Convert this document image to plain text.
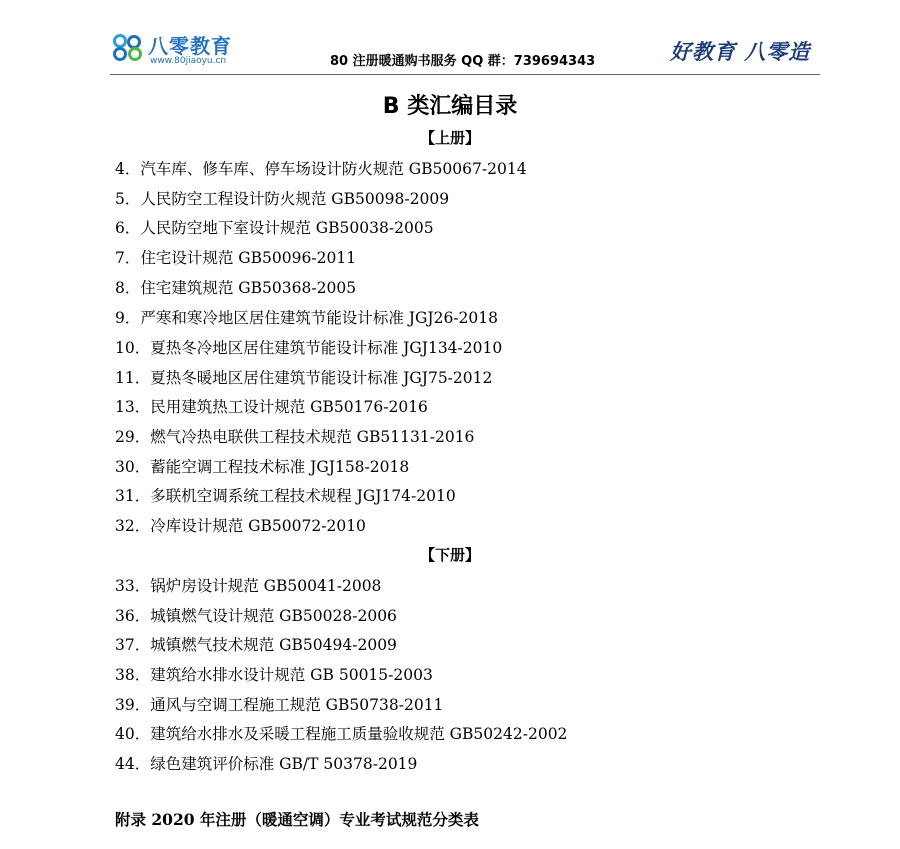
八零教育
www.80jiaoyu.cn	80 注册暖通购书服务 QQ 群：739694343	好教育 八零造
B 类汇编目录
【上册】
4．汽车库、修车库、停车场设计防火规范 GB50067-2014
5．人民防空工程设计防火规范 GB50098-2009
6．人民防空地下室设计规范 GB50038-2005
7．住宅设计规范 GB50096-2011
8．住宅建筑规范 GB50368-2005
9．严寒和寒冷地区居住建筑节能设计标准 JGJ26-2018
10．夏热冬冷地区居住建筑节能设计标准 JGJ134-2010
11．夏热冬暖地区居住建筑节能设计标准 JGJ75-2012
13．民用建筑热工设计规范 GB50176-2016
29．燃气冷热电联供工程技术规范 GB51131-2016
30．蓄能空调工程技术标准 JGJ158-2018
31．多联机空调系统工程技术规程 JGJ174-2010
32．冷库设计规范 GB50072-2010
【下册】
33．锅炉房设计规范 GB50041-2008
36．城镇燃气设计规范 GB50028-2006
37．城镇燃气技术规范 GB50494-2009
38．建筑给水排水设计规范 GB 50015-2003
39．通风与空调工程施工规范 GB50738-2011
40．建筑给水排水及采暖工程施工质量验收规范 GB50242-2002
44．绿色建筑评价标准 GB/T 50378-2019
附录 2020 年注册（暖通空调）专业考试规范分类表
